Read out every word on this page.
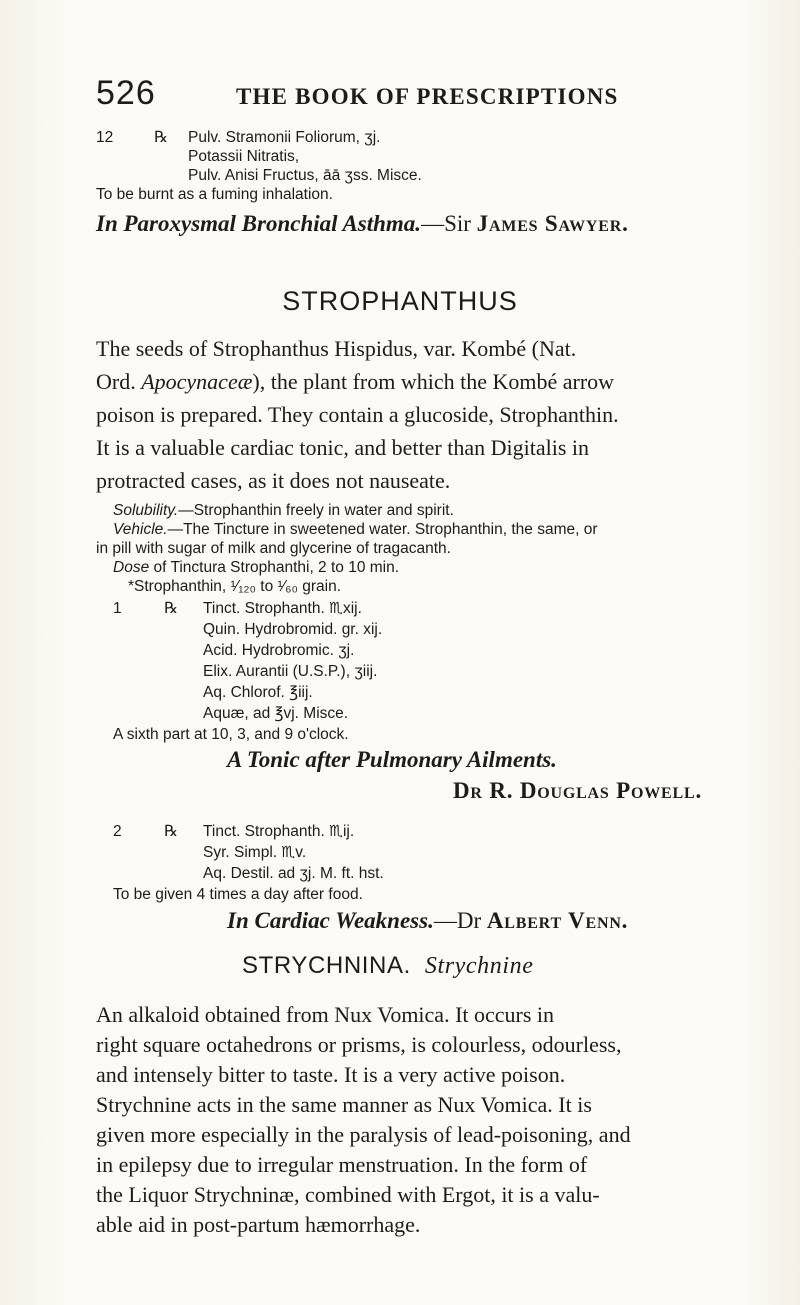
526	THE BOOK OF PRESCRIPTIONS
12	℞ Pulv. Stramonii Foliorum, ʒj.
Potassii Nitratis,
Pulv. Anisi Fructus, āā ʒss. Misce.
To be burnt as a fuming inhalation.
In Paroxysmal Bronchial Asthma.—Sir James Sawyer.
STROPHANTHUS
The seeds of Strophanthus Hispidus, var. Kombé (Nat.
Ord. Apocynaceæ), the plant from which the Kombé arrow
poison is prepared. They contain a glucoside, Strophanthin.
It is a valuable cardiac tonic, and better than Digitalis in
protracted cases, as it does not nauseate.
Solubility.—Strophanthin freely in water and spirit.
Vehicle.—The Tincture in sweetened water. Strophanthin, the same, or
in pill with sugar of milk and glycerine of tragacanth.
Dose of Tinctura Strophanthi, 2 to 10 min.
*Strophanthin, ¹⁄₁₂₀ to ¹⁄₆₀ grain.
1	℞ Tinct. Strophanth. ♏xij.
Quin. Hydrobromid. gr. xij.
Acid. Hydrobromic. ʒj.
Elix. Aurantii (U.S.P.), ʒiij.
Aq. Chlorof. ℥iij.
Aquæ, ad ℥vj. Misce.
A sixth part at 10, 3, and 9 o'clock.
A Tonic after Pulmonary Ailments.
Dr R. Douglas Powell.
2	℞ Tinct. Strophanth. ♏ij.
Syr. Simpl. ♏v.
Aq. Destil. ad ʒj. M. ft. hst.
To be given 4 times a day after food.
In Cardiac Weakness.—Dr Albert Venn.
STRYCHNINA. Strychnine
An alkaloid obtained from Nux Vomica. It occurs in
right square octahedrons or prisms, is colourless, odourless,
and intensely bitter to taste. It is a very active poison.
Strychnine acts in the same manner as Nux Vomica. It is
given more especially in the paralysis of lead-poisoning, and
in epilepsy due to irregular menstruation. In the form of
the Liquor Strychninæ, combined with Ergot, it is a valu-
able aid in post-partum hæmorrhage.
